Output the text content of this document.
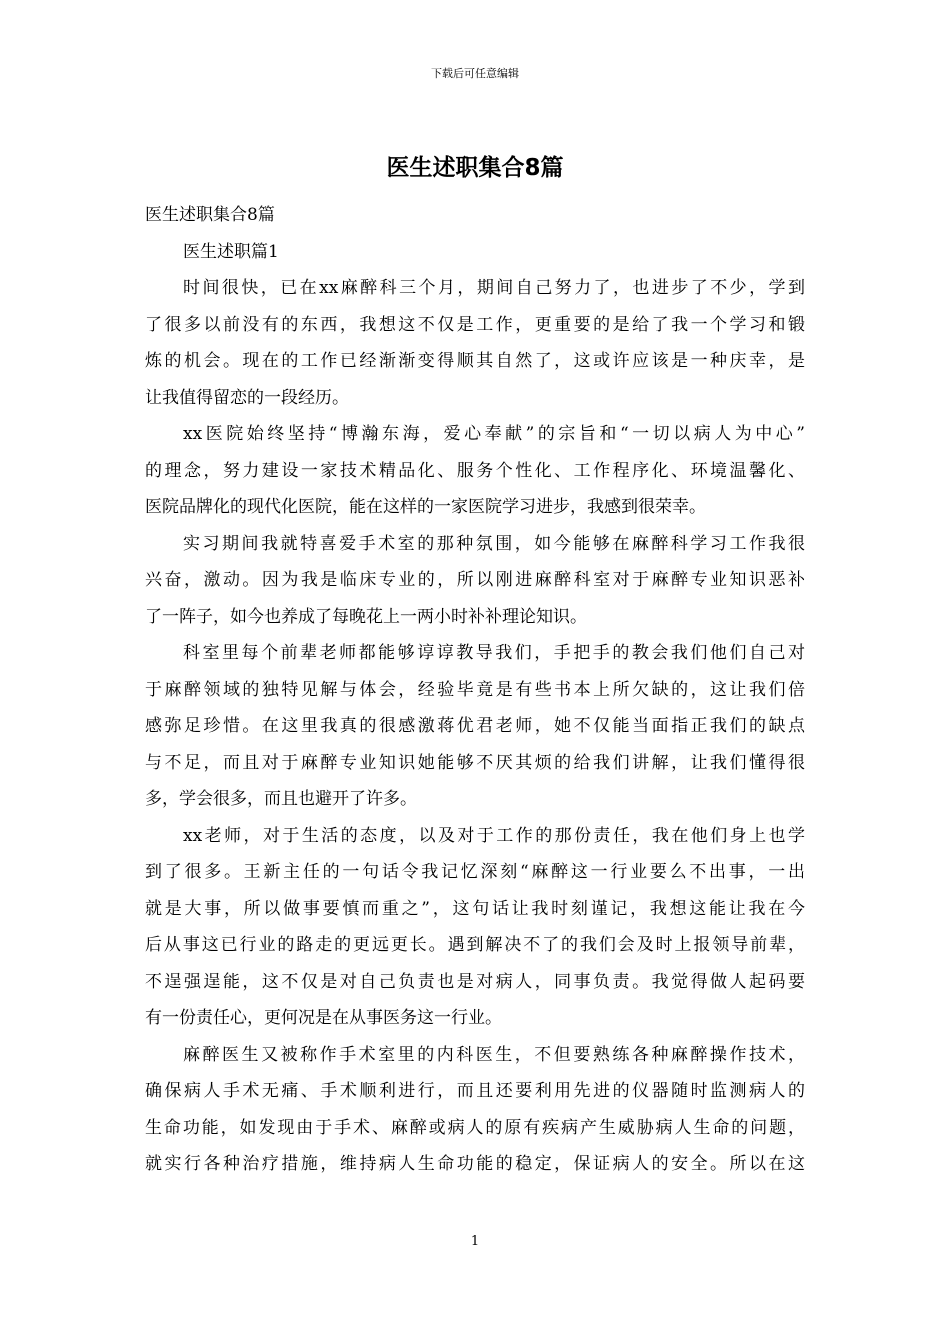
下载后可任意编辑
医生述职集合8篇
医生述职集合8篇
医生述职篇1
时间很快，已在xx麻醉科三个月，期间自己努力了，也进步了不少，学到
了很多以前没有的东西，我想这不仅是工作，更重要的是给了我一个学习和锻
炼的机会。现在的工作已经渐渐变得顺其自然了，这或许应该是一种庆幸，是
让我值得留恋的一段经历。
xx医院始终坚持“博瀚东海，爱心奉献”的宗旨和“一切以病人为中心”
的理念，努力建设一家技术精品化、服务个性化、工作程序化、环境温馨化、
医院品牌化的现代化医院，能在这样的一家医院学习进步，我感到很荣幸。
实习期间我就特喜爱手术室的那种氛围，如今能够在麻醉科学习工作我很
兴奋，激动。因为我是临床专业的，所以刚进麻醉科室对于麻醉专业知识恶补
了一阵子，如今也养成了每晚花上一两小时补补理论知识。
科室里每个前辈老师都能够谆谆教导我们，手把手的教会我们他们自己对
于麻醉领域的独特见解与体会，经验毕竟是有些书本上所欠缺的，这让我们倍
感弥足珍惜。在这里我真的很感激蒋优君老师，她不仅能当面指正我们的缺点
与不足，而且对于麻醉专业知识她能够不厌其烦的给我们讲解，让我们懂得很
多，学会很多，而且也避开了许多。
xx老师，对于生活的态度，以及对于工作的那份责任，我在他们身上也学
到了很多。王新主任的一句话令我记忆深刻“麻醉这一行业要么不出事，一出
就是大事，所以做事要慎而重之”，这句话让我时刻谨记，我想这能让我在今
后从事这已行业的路走的更远更长。遇到解决不了的我们会及时上报领导前辈，
不逞强逞能，这不仅是对自己负责也是对病人，同事负责。我觉得做人起码要
有一份责任心，更何况是在从事医务这一行业。
麻醉医生又被称作手术室里的内科医生，不但要熟练各种麻醉操作技术，
确保病人手术无痛、手术顺利进行，而且还要利用先进的仪器随时监测病人的
生命功能，如发现由于手术、麻醉或病人的原有疾病产生威胁病人生命的问题，
就实行各种治疗措施，维持病人生命功能的稳定，保证病人的安全。所以在这
1
